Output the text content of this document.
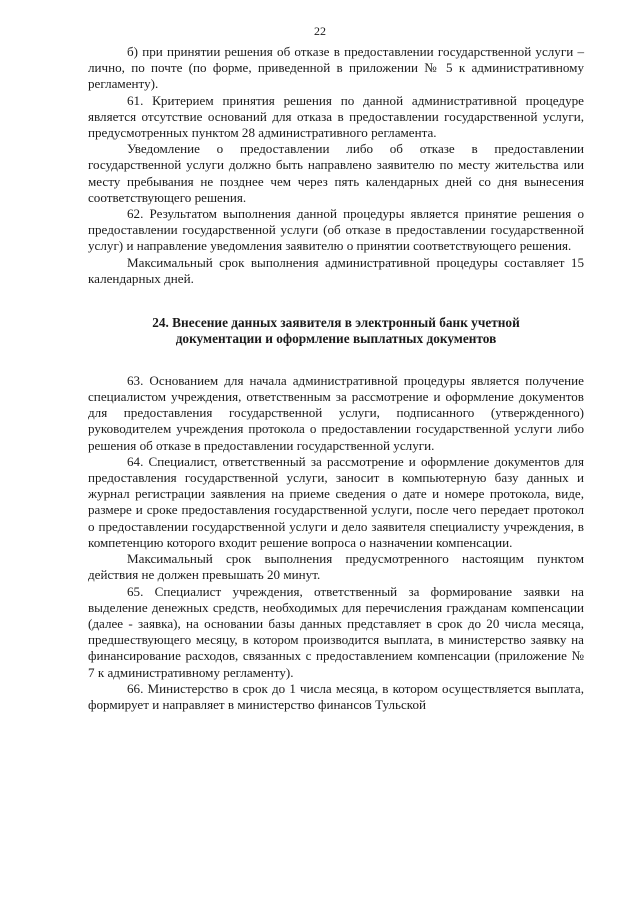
22

б) при принятии решения об отказе в предоставлении государственной услуги – лично, по почте (по форме, приведенной в приложении № 5 к административному регламенту).

61. Критерием принятия решения по данной административной процедуре является отсутствие оснований для отказа в предоставлении государственной услуги, предусмотренных пунктом 28 административного регламента.

Уведомление о предоставлении либо об отказе в предоставлении государственной услуги должно быть направлено заявителю по месту жительства или месту пребывания не позднее чем через пять календарных дней со дня вынесения соответствующего решения.

62. Результатом выполнения данной процедуры является принятие решения о предоставлении государственной услуги (об отказе в предоставлении государственной услуг) и направление уведомления заявителю о принятии соответствующего решения.

Максимальный срок выполнения административной процедуры составляет 15 календарных дней.

24. Внесение данных заявителя в электронный банк учетной
документации и оформление выплатных документов

63. Основанием для начала административной процедуры является получение специалистом учреждения, ответственным за рассмотрение и оформление документов для предоставления государственной услуги, подписанного (утвержденного) руководителем учреждения протокола о предоставлении государственной услуги либо решения об отказе в предоставлении государственной услуги.

64. Специалист, ответственный за рассмотрение и оформление документов для предоставления государственной услуги, заносит в компьютерную базу данных и журнал регистрации заявления на приеме сведения о дате и номере протокола, виде, размере и сроке предоставления государственной услуги, после чего передает протокол о предоставлении государственной услуги и дело заявителя специалисту учреждения, в компетенцию которого входит решение вопроса о назначении компенсации.

Максимальный срок выполнения предусмотренного настоящим пунктом действия не должен превышать 20 минут.

65. Специалист учреждения, ответственный за формирование заявки на выделение денежных средств, необходимых для перечисления гражданам компенсации (далее - заявка), на основании базы данных представляет в срок до 20 числа месяца, предшествующего месяцу, в котором производится выплата, в министерство заявку на финансирование расходов, связанных с предоставлением компенсации (приложение № 7 к административному регламенту).

66. Министерство в срок до 1 числа месяца, в котором осуществляется выплата, формирует и направляет в министерство финансов Тульской
